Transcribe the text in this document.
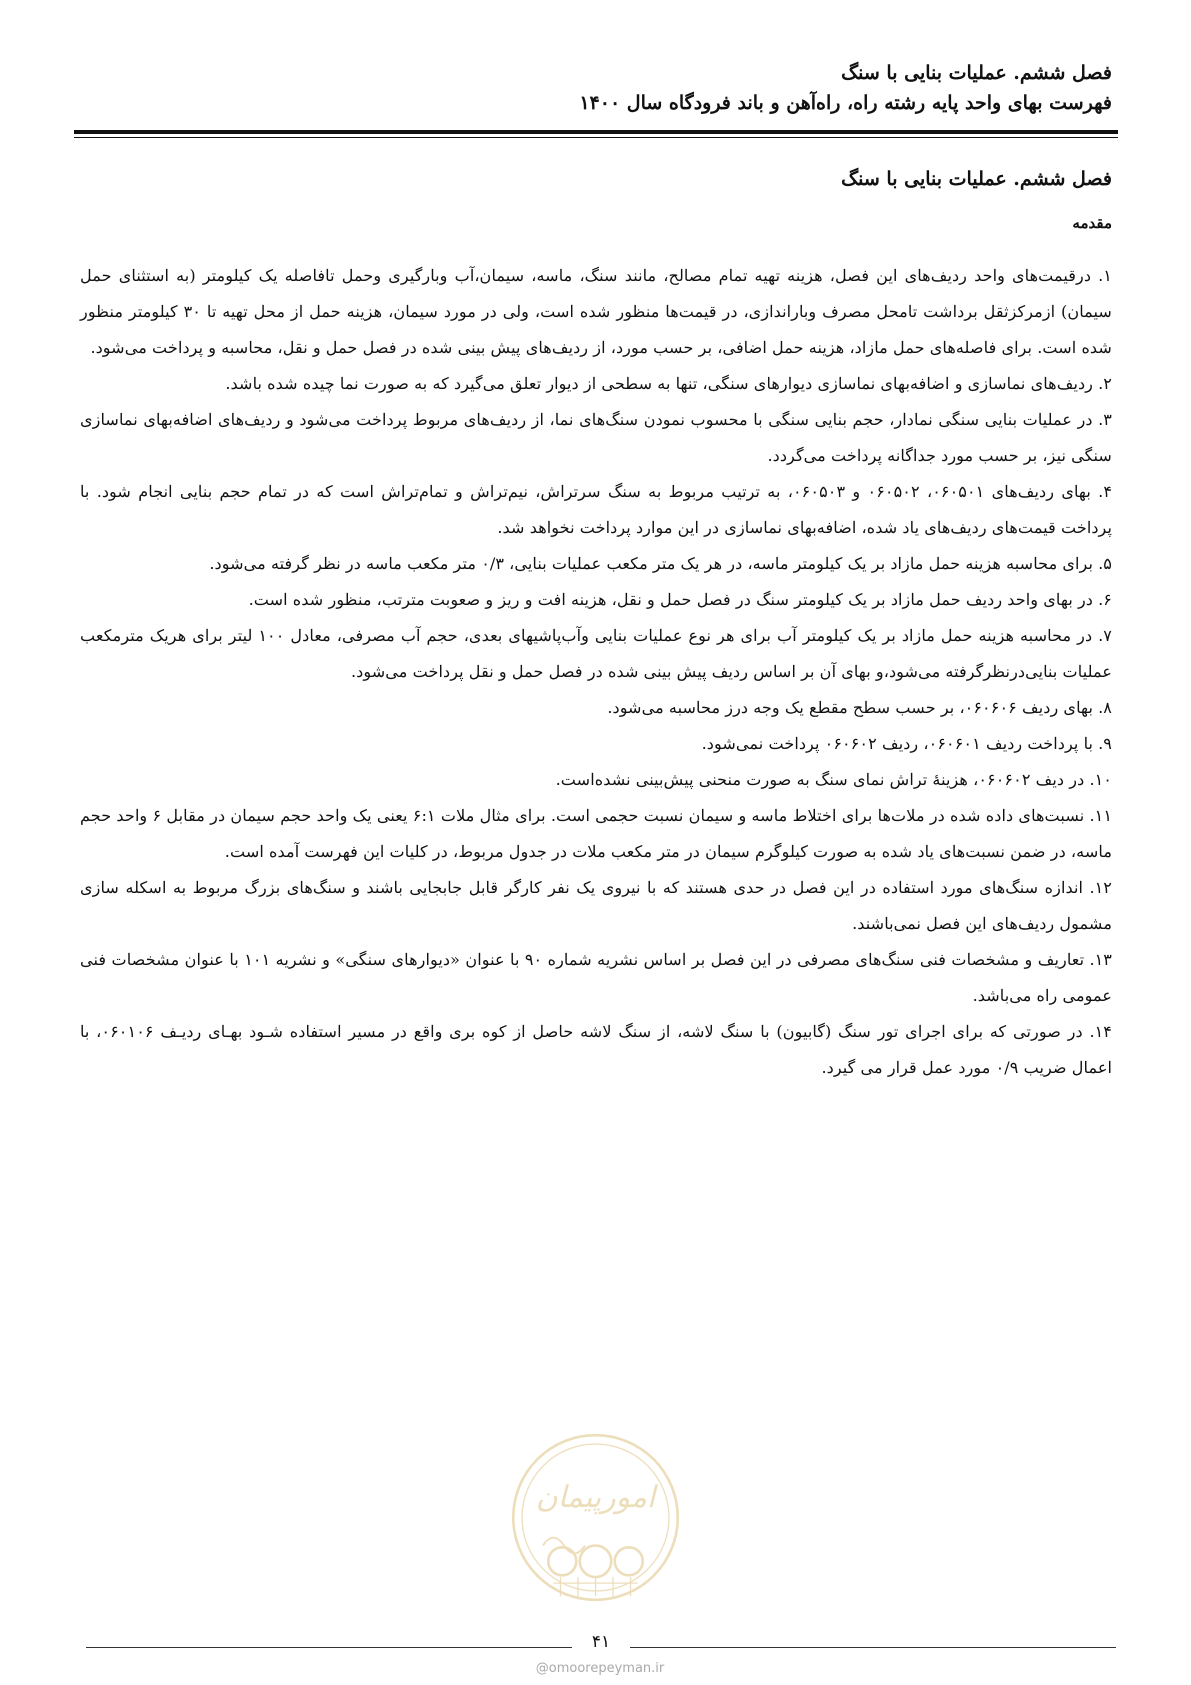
فصل ششم. عملیات بنایی با سنگ
فهرست بهای واحد پایه رشته راه، راه‌آهن و باند فرودگاه سال ۱۴۰۰
فصل ششم. عملیات بنایی با سنگ
مقدمه

۱. درقیمت‌های واحد ردیف‌های این فصل، هزینه تهیه تمام مصالح، مانند سنگ، ماسه، سیمان،آب وبارگیری وحمل تافاصله یک کیلومتر (به استثنای حمل سیمان) ازمرکزثقل برداشت تامحل مصرف وباراندازی، در قیمت‌ها منظور شده است، ولی در مورد سیمان، هزینه حمل از محل تهیه تا ۳۰ کیلومتر منظور شده است. برای فاصله‌های حمل مازاد، هزینه حمل اضافی، بر حسب مورد، از ردیف‌های پیش بینی شده در فصل حمل و نقل، محاسبه و پرداخت می‌شود.

۲. ردیف‌های نماسازی و اضافه‌بهای نماسازی دیوارهای سنگی، تنها به سطحی از دیوار تعلق می‌گیرد که به صورت نما چیده شده باشد.

۳. در عملیات بنایی سنگی نمادار، حجم بنایی سنگی با محسوب نمودن سنگ‌های نما، از ردیف‌های مربوط پرداخت می‌شود و ردیف‌های اضافه‌بهای نماسازی سنگی نیز، بر حسب مورد جداگانه پرداخت می‌گردد.

۴. بهای ردیف‌های ۰۶۰۵۰۱، ۰۶۰۵۰۲ و ۰۶۰۵۰۳، به ترتیب مربوط به سنگ سرتراش، نیم‌تراش و تمام‌تراش است که در تمام حجم بنایی انجام شود. با پرداخت قیمت‌های ردیف‌های یاد شده، اضافه‌بهای نماسازی در این موارد پرداخت نخواهد شد.

۵. برای محاسبه هزینه حمل مازاد بر یک کیلومتر ماسه، در هر یک متر مکعب عملیات بنایی، ۰/۳ متر مکعب ماسه در نظر گرفته می‌شود.

۶. در بهای واحد ردیف حمل مازاد بر یک کیلومتر سنگ در فصل حمل و نقل، هزینه افت و ریز و صعوبت مترتب، منظور شده است.

۷. در محاسبه هزینه حمل مازاد بر یک کیلومتر آب برای هر نوع عملیات بنایی وآب‌پاشیهای بعدی، حجم آب مصرفی، معادل ۱۰۰ لیتر برای هریک مترمکعب عملیات بنایی‌درنظرگرفته می‌شود،و بهای آن بر اساس ردیف پیش بینی شده در فصل حمل و نقل پرداخت می‌شود.

۸. بهای ردیف ۰۶۰۶۰۶، بر حسب سطح مقطع یک وجه درز محاسبه می‌شود.

۹. با پرداخت ردیف ۰۶۰۶۰۱، ردیف ۰۶۰۶۰۲ پرداخت نمی‌شود.

۱۰. در دیف ۰۶۰۶۰۲، هزینهٔ تراش نمای سنگ به صورت منحنی پیش‌بینی نشده‌است.

۱۱. نسبت‌های داده شده در ملات‌ها برای اختلاط ماسه و سیمان نسبت حجمی است. برای مثال ملات ۶:۱ یعنی یک واحد حجم سیمان در مقابل ۶ واحد حجم ماسه، در ضمن نسبت‌های یاد شده به صورت کیلوگرم سیمان در متر مکعب ملات در جدول مربوط، در کلیات این فهرست آمده است.

۱۲. اندازه سنگ‌های مورد استفاده در این فصل در حدی هستند که با نیروی یک نفر کارگر قابل جابجایی باشند و سنگ‌های بزرگ مربوط به اسکله سازی مشمول ردیف‌های این فصل نمی‌باشند.

۱۳. تعاریف و مشخصات فنی سنگ‌های مصرفی در این فصل بر اساس نشریه شماره ۹۰ با عنوان «دیوارهای سنگی» و نشریه ۱۰۱ با عنوان مشخصات فنی عمومی راه می‌باشد.

۱۴. در صورتی که برای اجرای تور سنگ (گابیون) با سنگ لاشه، از سنگ لاشه حاصل از کوه بری واقع در مسیر استفاده شـود بهـای ردیـف ۰۶۰۱۰۶، با اعمال ضریب ۰/۹ مورد عمل قرار می گیرد.

امورپیمان
۴۱
@omoorepeyman.ir
